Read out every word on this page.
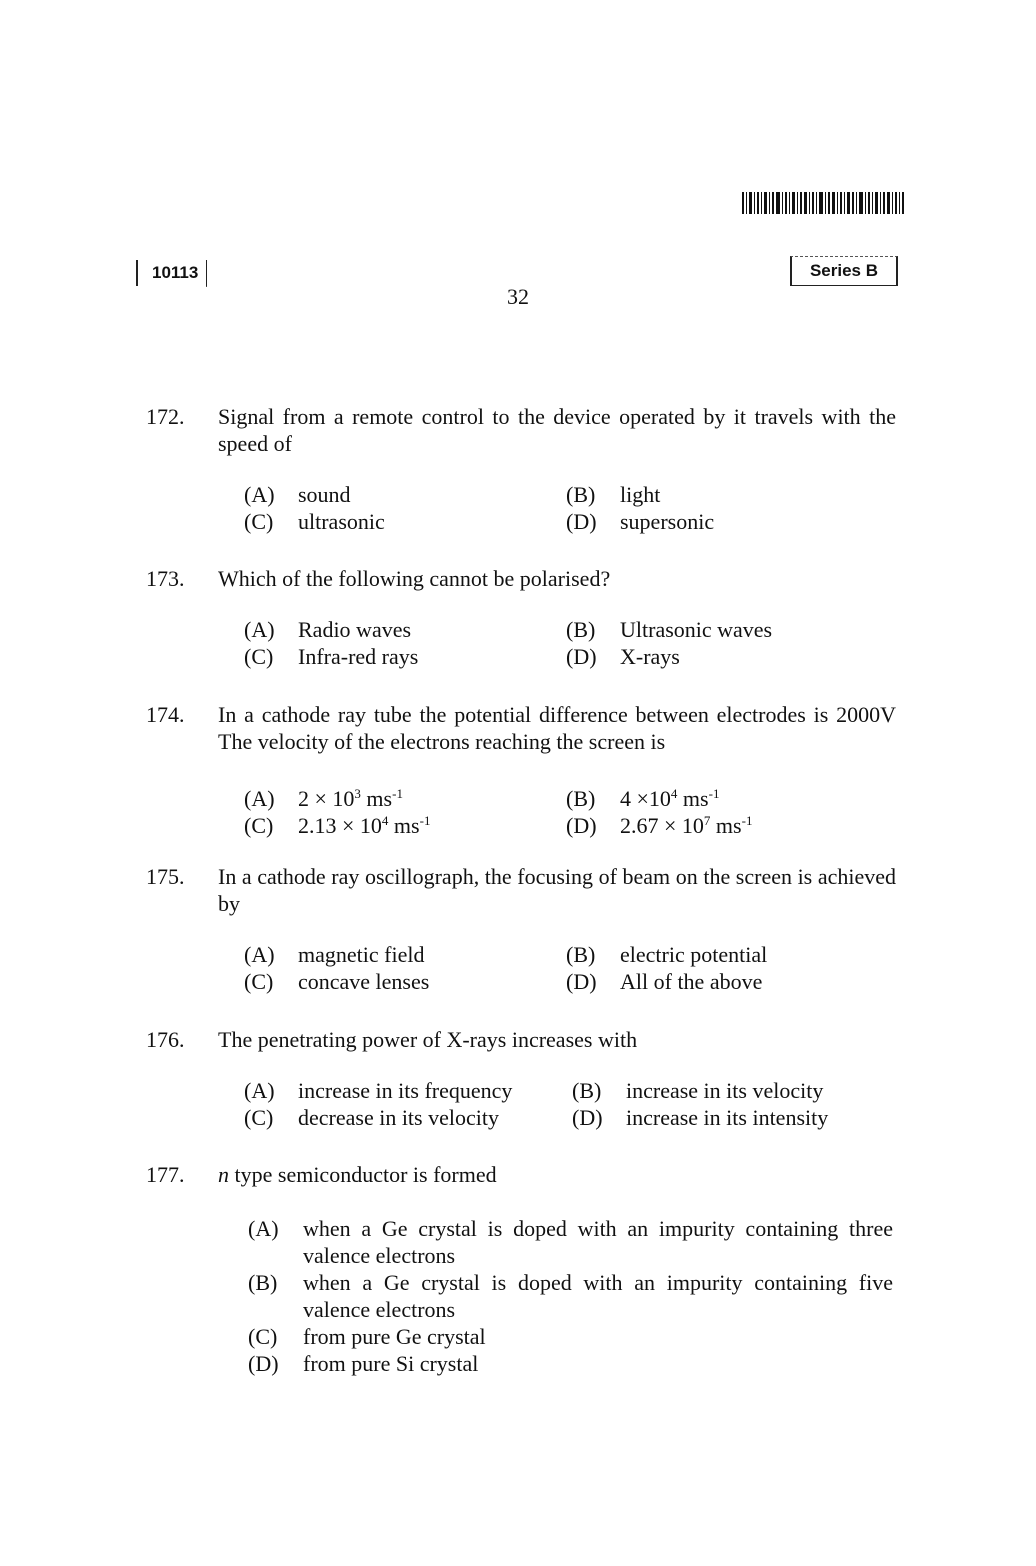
10113	Series B
32
172.	Signal from a remote control to the device operated by it travels with the speed of
(A) sound	(B) light
(C) ultrasonic	(D) supersonic
173.	Which of the following cannot be polarised?
(A) Radio waves	(B) Ultrasonic waves
(C) Infra-red rays	(D) X-rays
174.	In a cathode ray tube the potential difference between electrodes is 2000V The velocity of the electrons reaching the screen is
(A) $2 \times 10^3$ $ms^{-1}$	(B) $4 \times 10^4$ $ms^{-1}$
(C) $2.13 \times 10^4$ $ms^{-1}$	(D) $2.67 \times 10^7$ $ms^{-1}$
175.	In a cathode ray oscillograph, the focusing of beam on the screen is achieved by
(A) magnetic field	(B) electric potential
(C) concave lenses	(D) All of the above
176.	The penetrating power of X-rays increases with
(A) increase in its frequency	(B) increase in its velocity
(C) decrease in its velocity	(D) increase in its intensity
177.	n type semiconductor is formed
(A) when a Ge crystal is doped with an impurity containing three valence electrons
(B) when a Ge crystal is doped with an impurity containing five valence electrons
(C) from pure Ge crystal
(D) from pure Si crystal
